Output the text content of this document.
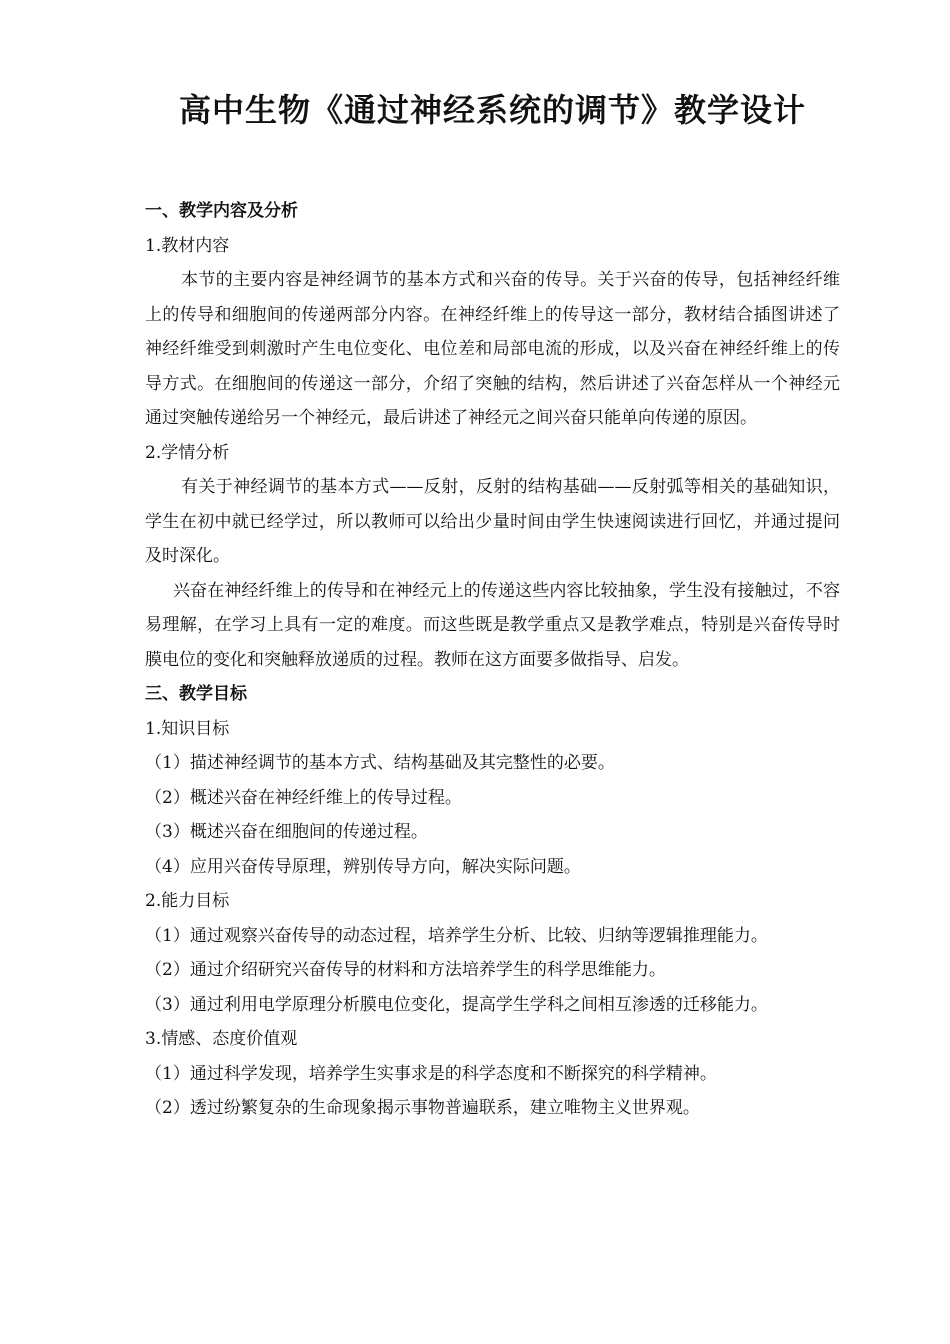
高中生物《通过神经系统的调节》教学设计

一、教学内容及分析

1.教材内容

本节的主要内容是神经调节的基本方式和兴奋的传导。关于兴奋的传导，包括神经纤维上的传导和细胞间的传递两部分内容。在神经纤维上的传导这一部分，教材结合插图讲述了神经纤维受到刺激时产生电位变化、电位差和局部电流的形成，以及兴奋在神经纤维上的传导方式。在细胞间的传递这一部分，介绍了突触的结构，然后讲述了兴奋怎样从一个神经元通过突触传递给另一个神经元，最后讲述了神经元之间兴奋只能单向传递的原因。

2.学情分析

有关于神经调节的基本方式——反射，反射的结构基础——反射弧等相关的基础知识，学生在初中就已经学过，所以教师可以给出少量时间由学生快速阅读进行回忆，并通过提问及时深化。

兴奋在神经纤维上的传导和在神经元上的传递这些内容比较抽象，学生没有接触过，不容易理解，在学习上具有一定的难度。而这些既是教学重点又是教学难点，特别是兴奋传导时膜电位的变化和突触释放递质的过程。教师在这方面要多做指导、启发。

三、教学目标

1.知识目标

（1）描述神经调节的基本方式、结构基础及其完整性的必要。

（2）概述兴奋在神经纤维上的传导过程。

（3）概述兴奋在细胞间的传递过程。

（4）应用兴奋传导原理，辨别传导方向，解决实际问题。

2.能力目标

（1）通过观察兴奋传导的动态过程，培养学生分析、比较、归纳等逻辑推理能力。

（2）通过介绍研究兴奋传导的材料和方法培养学生的科学思维能力。

（3）通过利用电学原理分析膜电位变化，提高学生学科之间相互渗透的迁移能力。

3.情感、态度价值观

（1）通过科学发现，培养学生实事求是的科学态度和不断探究的科学精神。

（2）透过纷繁复杂的生命现象揭示事物普遍联系，建立唯物主义世界观。
